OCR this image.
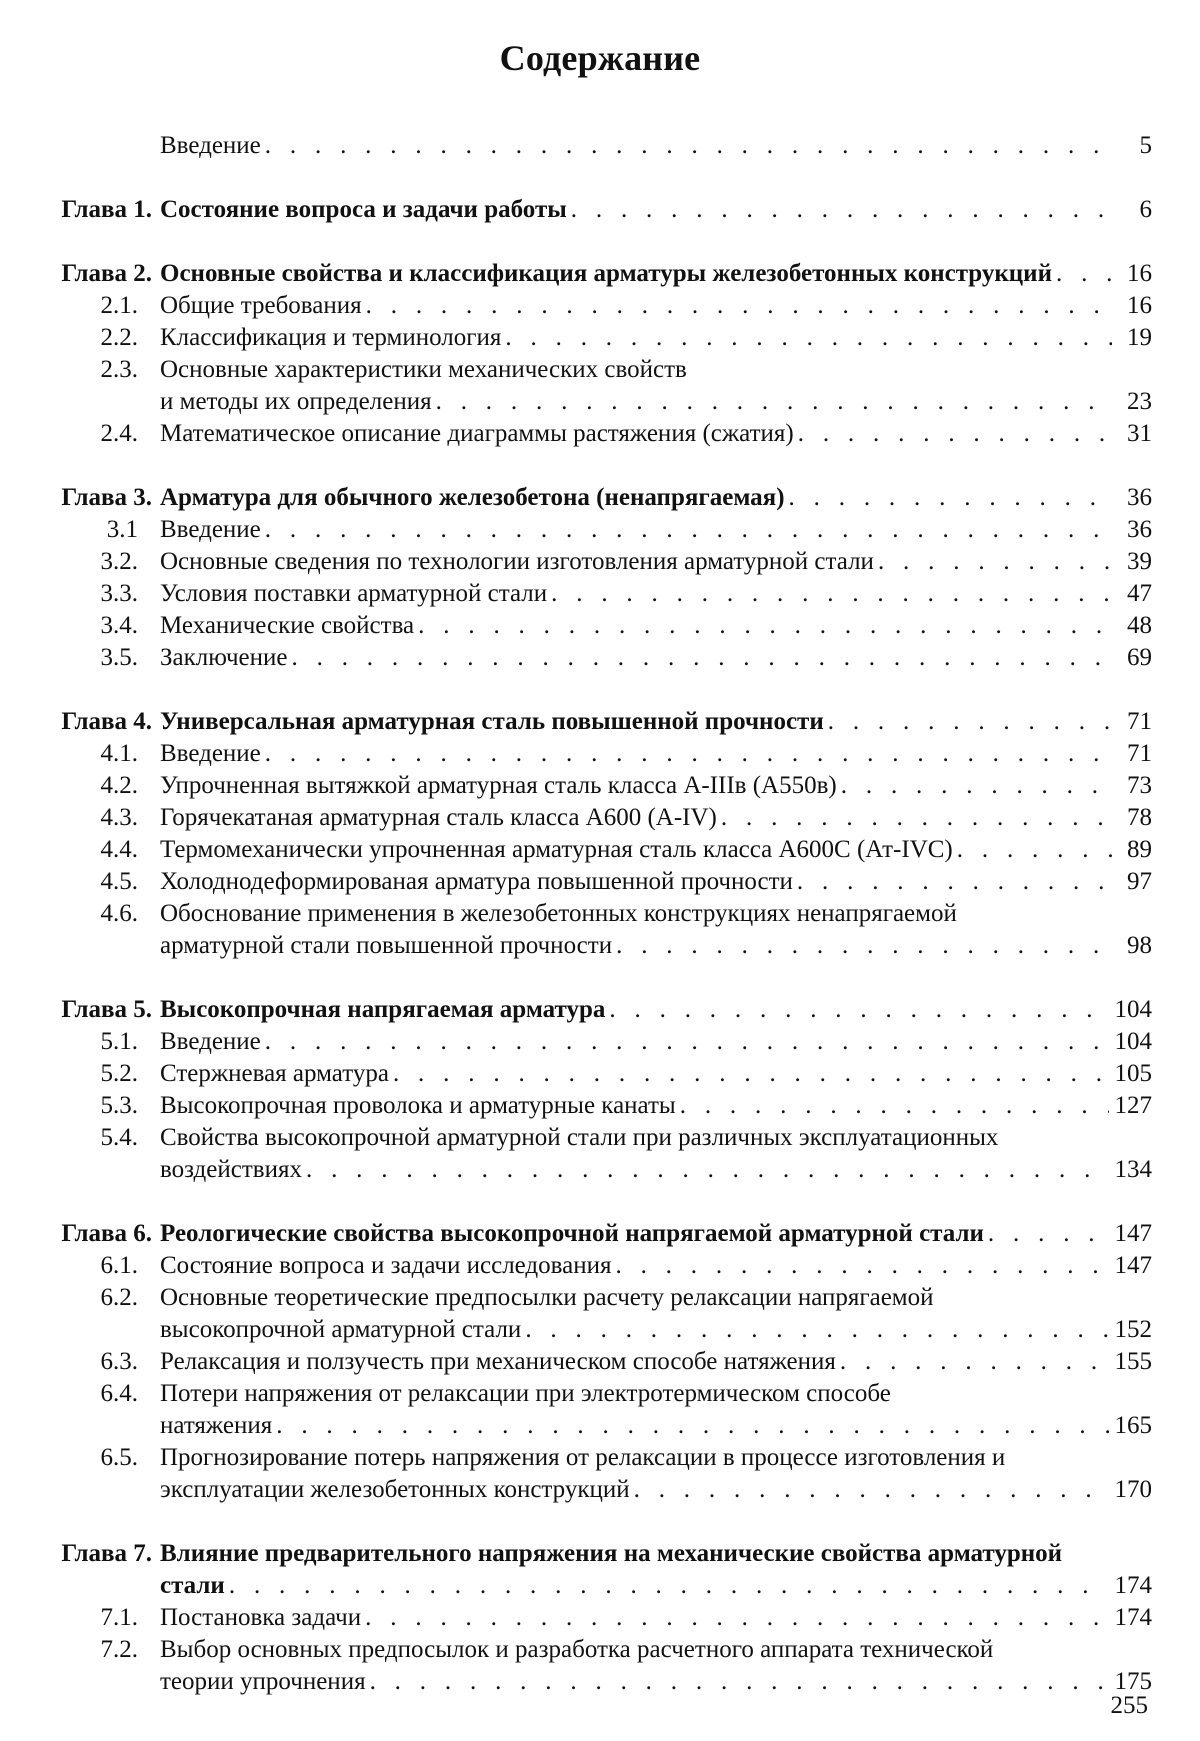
Содержание
Введение . . .	5
Глава 1. Состояние вопроса и задачи работы . . .	6
Глава 2. Основные свойства и классификация арматуры железобетонных конструкций . . .	16
2.1. Общие требования . . .	16
2.2. Классификация и терминология . . .	19
2.3. Основные характеристики механических свойств
и методы их определения . . .	23
2.4. Математическое описание диаграммы растяжения (сжатия) . . .	31
Глава 3. Арматура для обычного железобетона (ненапрягаемая) . . .	36
3.1 Введение . . .	36
3.2. Основные сведения по технологии изготовления арматурной стали . . .	39
3.3. Условия поставки арматурной стали . . .	47
3.4. Механические свойства . . .	48
3.5. Заключение . . .	69
Глава 4. Универсальная арматурная сталь повышенной прочности . . .	71
4.1. Введение . . .	71
4.2. Упрочненная вытяжкой арматурная сталь класса А-IIIв (А550в) . . .	73
4.3. Горячекатаная арматурная сталь класса А600 (А-IV) . . .	78
4.4. Термомеханически упрочненная арматурная сталь класса А600С (Ат-IVC) . . .	89
4.5. Холоднодеформированая арматура повышенной прочности . . .	97
4.6. Обоснование применения в железобетонных конструкциях ненапрягаемой
арматурной стали повышенной прочности . . .	98
Глава 5. Высокопрочная напрягаемая арматура . . .	104
5.1. Введение . . .	104
5.2. Стержневая арматура . . .	105
5.3. Высокопрочная проволока и арматурные канаты . . .	127
5.4. Свойства высокопрочной арматурной стали при различных эксплуатационных
воздействиях . . .	134
Глава 6. Реологические свойства высокопрочной напрягаемой арматурной стали . . .	147
6.1. Состояние вопроса и задачи исследования . . .	147
6.2. Основные теоретические предпосылки расчету релаксации напрягаемой
высокопрочной арматурной стали . . .	152
6.3. Релаксация и ползучесть при механическом способе натяжения . . .	155
6.4. Потери напряжения от релаксации при электротермическом способе
натяжения . . .	165
6.5. Прогнозирование потерь напряжения от релаксации в процессе изготовления и
эксплуатации железобетонных конструкций . . .	170
Глава 7. Влияние предварительного напряжения на механические свойства арматурной
стали . . .	174
7.1. Постановка задачи . . .	174
7.2. Выбор основных предпосылок и разработка расчетного аппарата технической
теории упрочнения . . .	175
255
